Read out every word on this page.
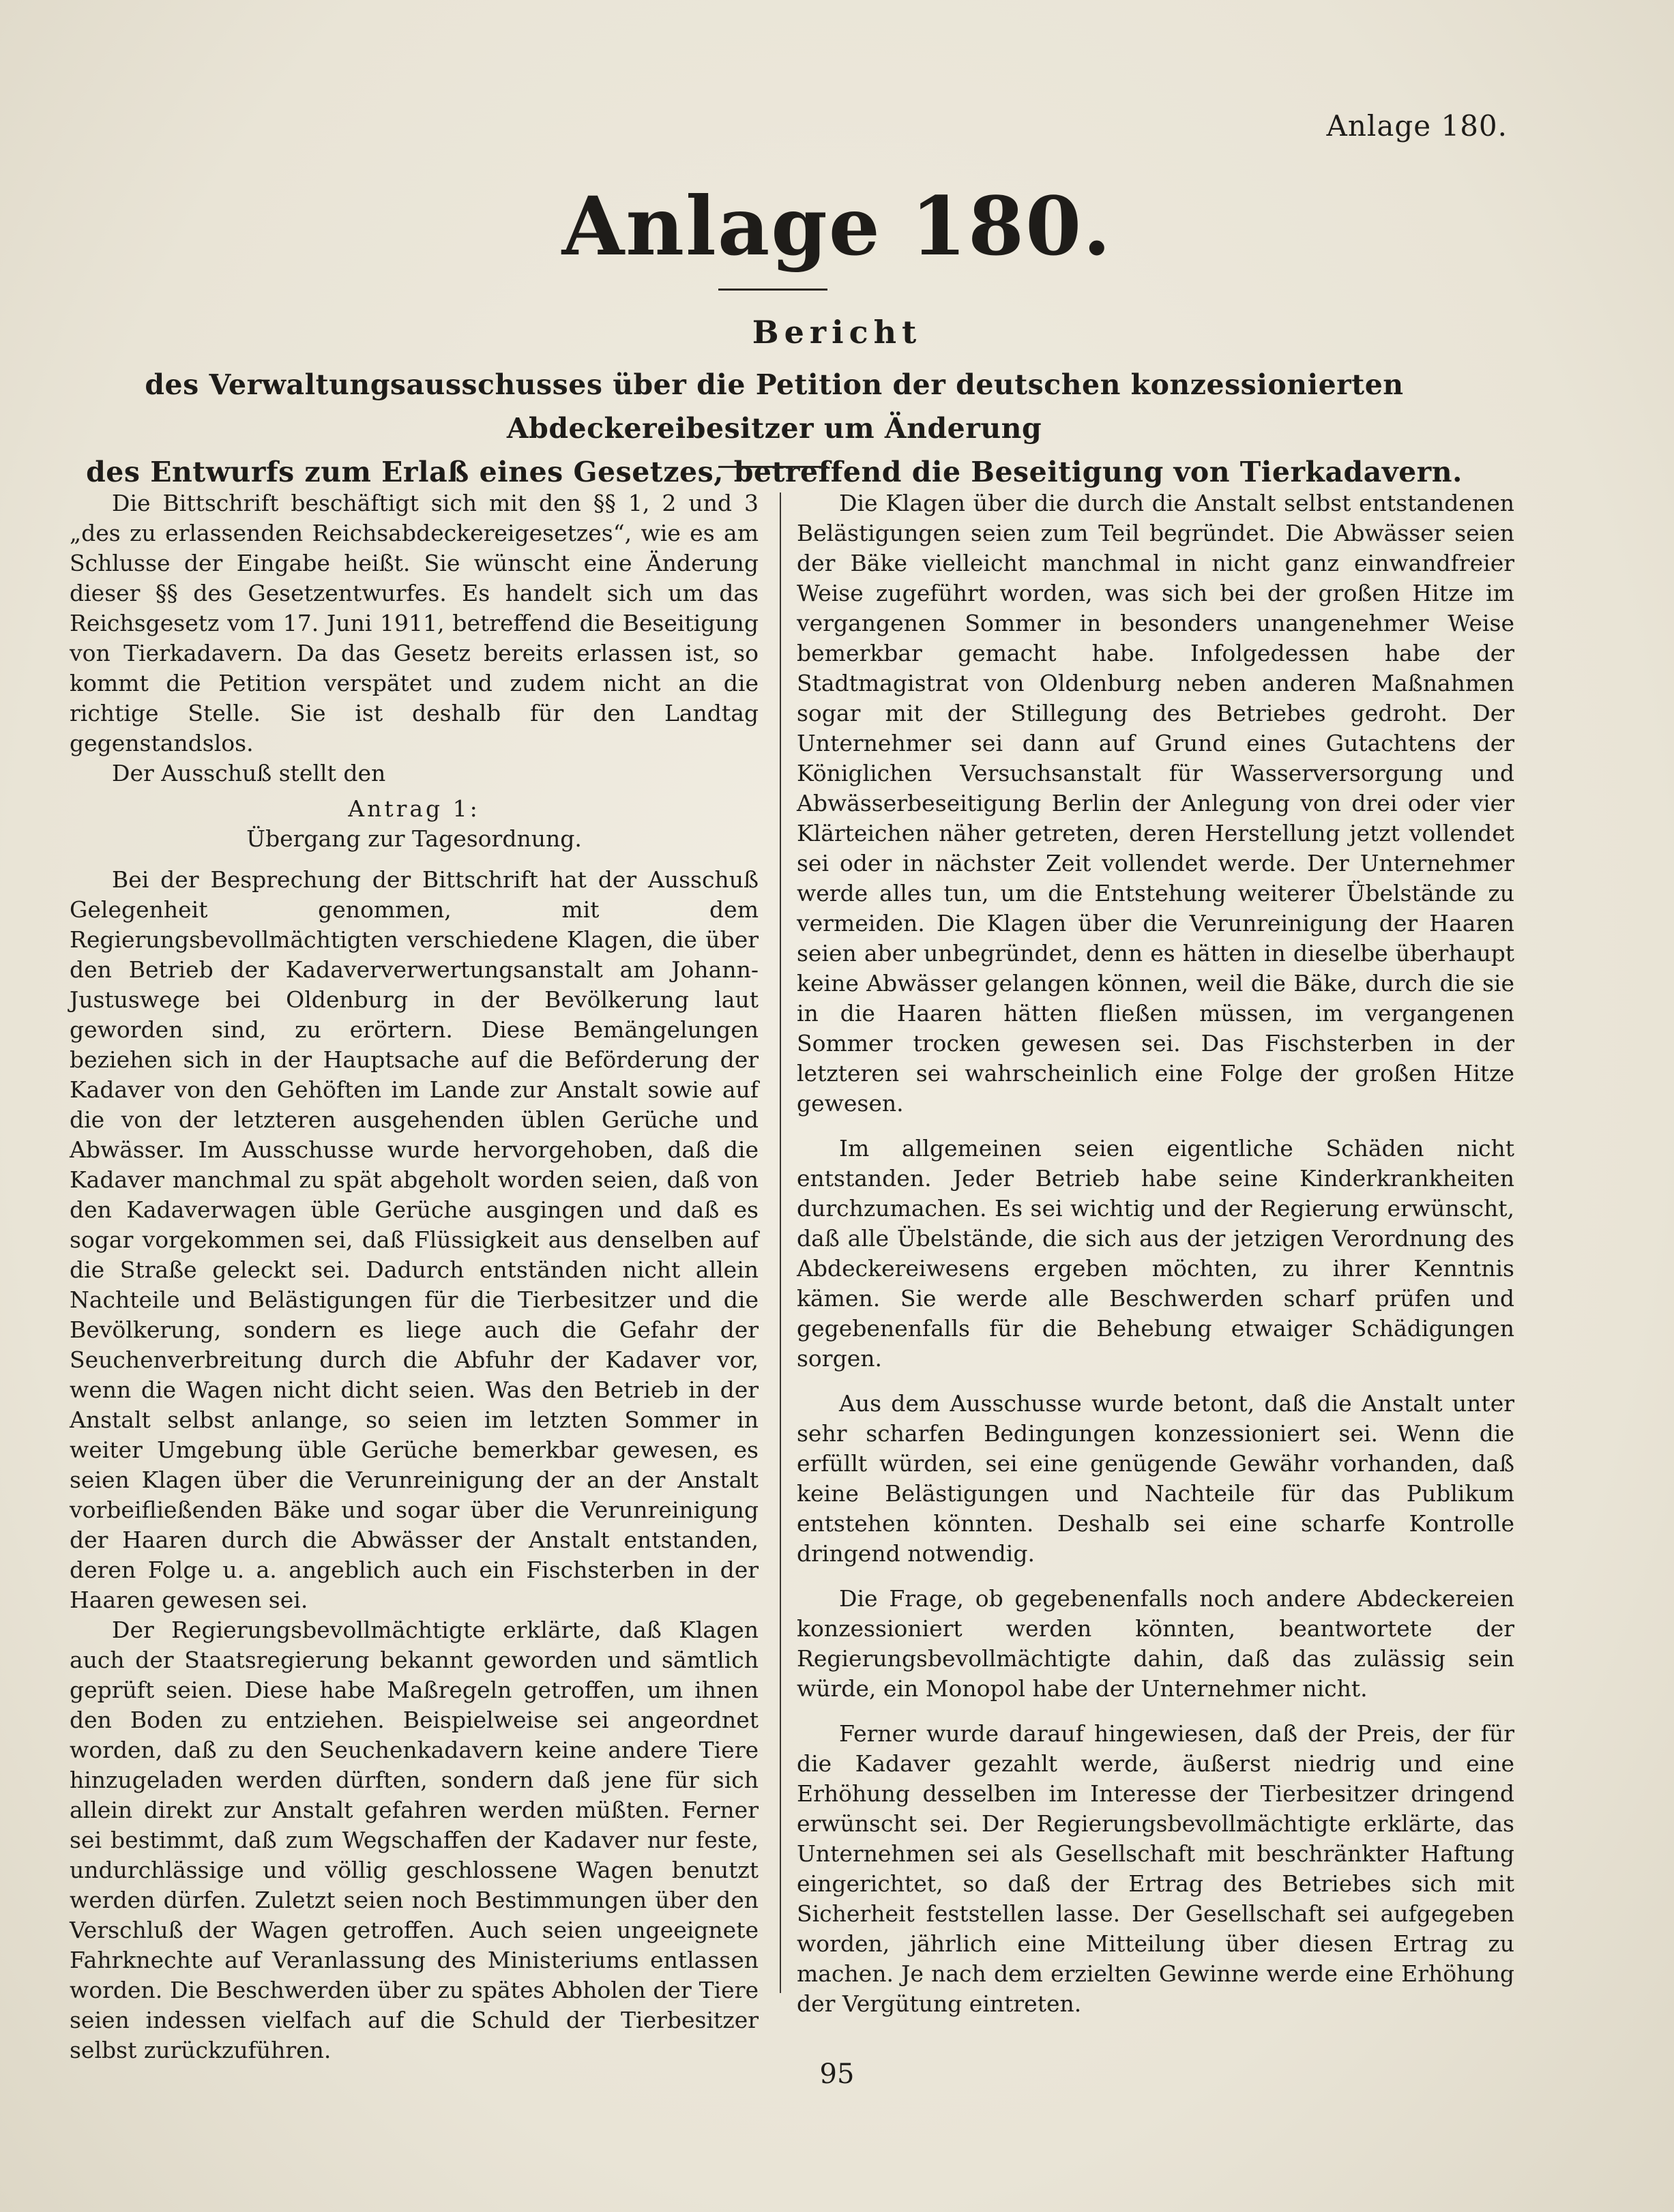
Anlage 180.
Anlage 180.
Bericht
des Verwaltungsausschusses über die Petition der deutschen konzessionierten Abdeckereibesitzer um Änderung
des Entwurfs zum Erlaß eines Gesetzes, betreffend die Beseitigung von Tierkadavern.

Die Bittschrift beschäftigt sich mit den §§ 1, 2 und 3 „des zu erlassenden Reichsabdeckereigesetzes“, wie es am Schlusse der Eingabe heißt. Sie wünscht eine Änderung dieser §§ des Gesetzentwurfes. Es handelt sich um das Reichsgesetz vom 17. Juni 1911, betreffend die Beseitigung von Tierkadavern. Da das Gesetz bereits erlassen ist, so kommt die Petition verspätet und zudem nicht an die richtige Stelle. Sie ist deshalb für den Landtag gegenstandslos.

Der Ausschuß stellt den

Antrag 1:
Übergang zur Tagesordnung.

Bei der Besprechung der Bittschrift hat der Ausschuß Gelegenheit genommen, mit dem Regierungsbevollmächtigten verschiedene Klagen, die über den Betrieb der Kadaververwertungsanstalt am Johann-Justuswege bei Oldenburg in der Bevölkerung laut geworden sind, zu erörtern. Diese Bemängelungen beziehen sich in der Hauptsache auf die Beförderung der Kadaver von den Gehöften im Lande zur Anstalt sowie auf die von der letzteren ausgehenden üblen Gerüche und Abwässer. Im Ausschusse wurde hervorgehoben, daß die Kadaver manchmal zu spät abgeholt worden seien, daß von den Kadaverwagen üble Gerüche ausgingen und daß es sogar vorgekommen sei, daß Flüssigkeit aus denselben auf die Straße geleckt sei. Dadurch entständen nicht allein Nachteile und Belästigungen für die Tierbesitzer und die Bevölkerung, sondern es liege auch die Gefahr der Seuchenverbreitung durch die Abfuhr der Kadaver vor, wenn die Wagen nicht dicht seien. Was den Betrieb in der Anstalt selbst anlange, so seien im letzten Sommer in weiter Umgebung üble Gerüche bemerkbar gewesen, es seien Klagen über die Verunreinigung der an der Anstalt vorbeifließenden Bäke und sogar über die Verunreinigung der Haaren durch die Abwässer der Anstalt entstanden, deren Folge u. a. angeblich auch ein Fischsterben in der Haaren gewesen sei.

Der Regierungsbevollmächtigte erklärte, daß Klagen auch der Staatsregierung bekannt geworden und sämtlich geprüft seien. Diese habe Maßregeln getroffen, um ihnen den Boden zu entziehen. Beispielweise sei angeordnet worden, daß zu den Seuchenkadavern keine andere Tiere hinzugeladen werden dürften, sondern daß jene für sich allein direkt zur Anstalt gefahren werden müßten. Ferner sei bestimmt, daß zum Wegschaffen der Kadaver nur feste, undurchlässige und völlig geschlossene Wagen benutzt werden dürfen. Zuletzt seien noch Bestimmungen über den Verschluß der Wagen getroffen. Auch seien ungeeignete Fahrknechte auf Veranlassung des Ministeriums entlassen worden. Die Beschwerden über zu spätes Abholen der Tiere seien indessen vielfach auf die Schuld der Tierbesitzer selbst zurückzuführen.

Die Klagen über die durch die Anstalt selbst entstandenen Belästigungen seien zum Teil begründet. Die Abwässer seien der Bäke vielleicht manchmal in nicht ganz einwandfreier Weise zugeführt worden, was sich bei der großen Hitze im vergangenen Sommer in besonders unangenehmer Weise bemerkbar gemacht habe. Infolgedessen habe der Stadtmagistrat von Oldenburg neben anderen Maßnahmen sogar mit der Stillegung des Betriebes gedroht. Der Unternehmer sei dann auf Grund eines Gutachtens der Königlichen Versuchsanstalt für Wasserversorgung und Abwässerbeseitigung Berlin der Anlegung von drei oder vier Klärteichen näher getreten, deren Herstellung jetzt vollendet sei oder in nächster Zeit vollendet werde. Der Unternehmer werde alles tun, um die Entstehung weiterer Übelstände zu vermeiden. Die Klagen über die Verunreinigung der Haaren seien aber unbegründet, denn es hätten in dieselbe überhaupt keine Abwässer gelangen können, weil die Bäke, durch die sie in die Haaren hätten fließen müssen, im vergangenen Sommer trocken gewesen sei. Das Fischsterben in der letzteren sei wahrscheinlich eine Folge der großen Hitze gewesen.

Im allgemeinen seien eigentliche Schäden nicht entstanden. Jeder Betrieb habe seine Kinderkrankheiten durchzumachen. Es sei wichtig und der Regierung erwünscht, daß alle Übelstände, die sich aus der jetzigen Verordnung des Abdeckereiwesens ergeben möchten, zu ihrer Kenntnis kämen. Sie werde alle Beschwerden scharf prüfen und gegebenenfalls für die Behebung etwaiger Schädigungen sorgen.

Aus dem Ausschusse wurde betont, daß die Anstalt unter sehr scharfen Bedingungen konzessioniert sei. Wenn die erfüllt würden, sei eine genügende Gewähr vorhanden, daß keine Belästigungen und Nachteile für das Publikum entstehen könnten. Deshalb sei eine scharfe Kontrolle dringend notwendig.

Die Frage, ob gegebenenfalls noch andere Abdeckereien konzessioniert werden könnten, beantwortete der Regierungsbevollmächtigte dahin, daß das zulässig sein würde, ein Monopol habe der Unternehmer nicht.

Ferner wurde darauf hingewiesen, daß der Preis, der für die Kadaver gezahlt werde, äußerst niedrig und eine Erhöhung desselben im Interesse der Tierbesitzer dringend erwünscht sei. Der Regierungsbevollmächtigte erklärte, das Unternehmen sei als Gesellschaft mit beschränkter Haftung eingerichtet, so daß der Ertrag des Betriebes sich mit Sicherheit feststellen lasse. Der Gesellschaft sei aufgegeben worden, jährlich eine Mitteilung über diesen Ertrag zu machen. Je nach dem erzielten Gewinne werde eine Erhöhung der Vergütung eintreten.

95
